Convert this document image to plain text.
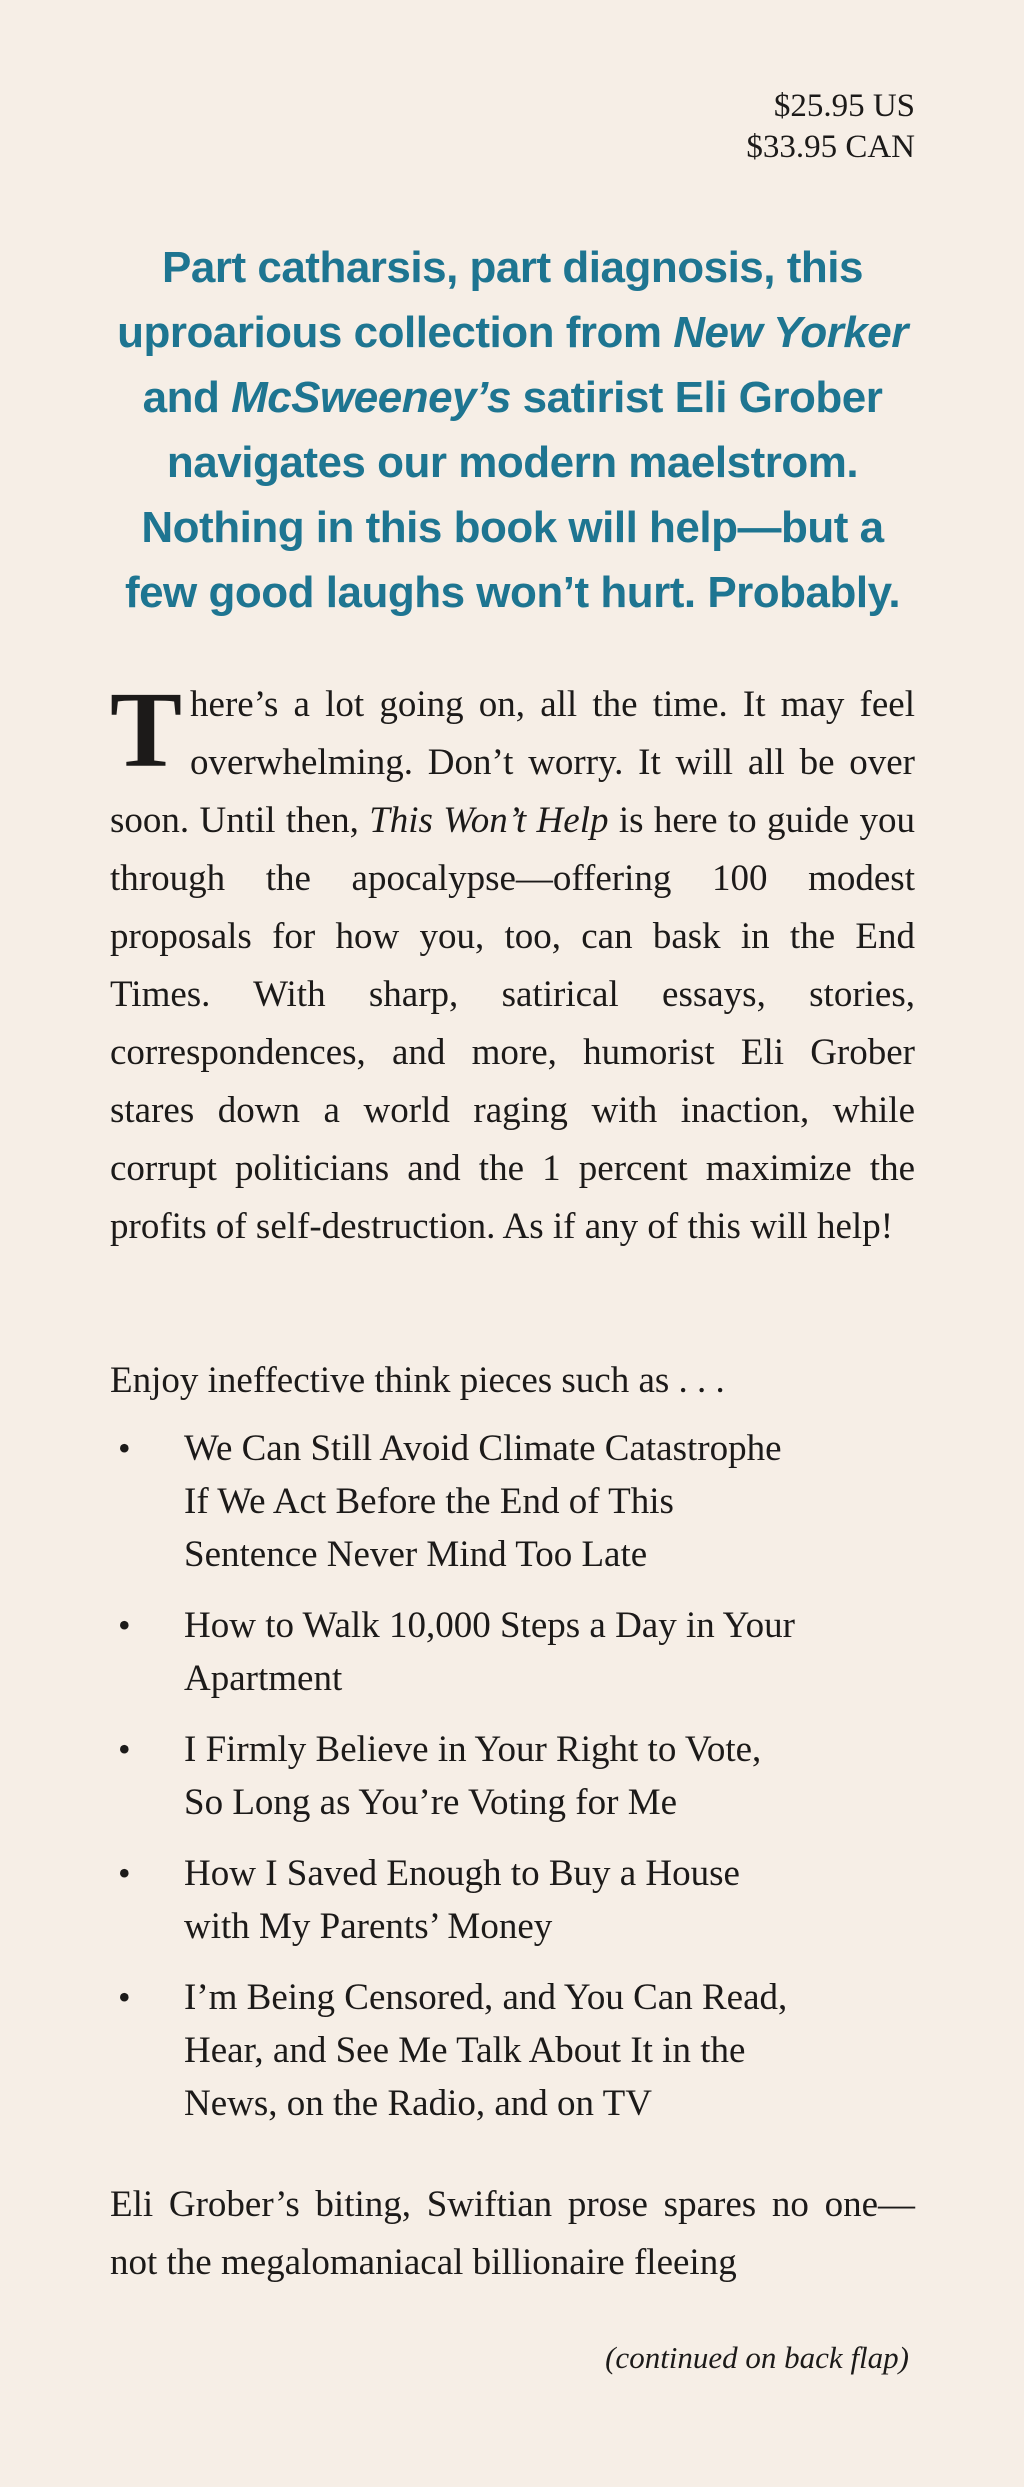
$25.95 US
$33.95 CAN
Part catharsis, part diagnosis, this uproarious collection from New Yorker and McSweeney’s satirist Eli Grober navigates our modern maelstrom. Nothing in this book will help—but a few good laughs won’t hurt. Probably.
There’s a lot going on, all the time. It may feel overwhelming. Don’t worry. It will all be over soon. Until then, This Won’t Help is here to guide you through the apocalypse—offering 100 modest proposals for how you, too, can bask in the End Times. With sharp, satirical essays, stories, correspondences, and more, humorist Eli Grober stares down a world raging with inaction, while corrupt politicians and the 1 percent maximize the profits of self-destruction. As if any of this will help!
Enjoy ineffective think pieces such as . . .
• We Can Still Avoid Climate Catastrophe If We Act Before the End of This Sentence Never Mind Too Late
• How to Walk 10,000 Steps a Day in Your Apartment
• I Firmly Believe in Your Right to Vote, So Long as You’re Voting for Me
• How I Saved Enough to Buy a House with My Parents’ Money
• I’m Being Censored, and You Can Read, Hear, and See Me Talk About It in the News, on the Radio, and on TV
Eli Grober’s biting, Swiftian prose spares no one—not the megalomaniacal billionaire fleeing
(continued on back flap)
